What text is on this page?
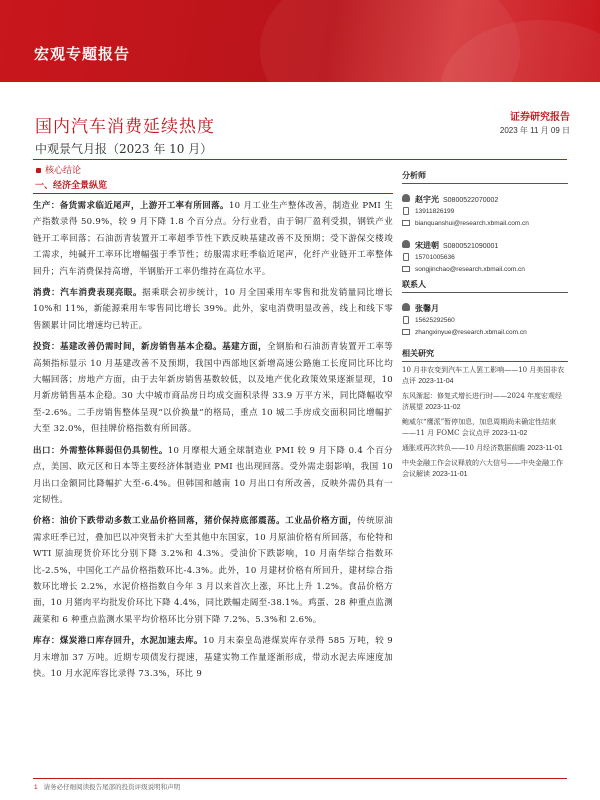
宏观专题报告
国内汽车消费延续热度
中观景气月报（2023 年 10 月）
证券研究报告
2023 年 11 月 09 日
核心结论
一、经济全景纵览

生产：备货需求临近尾声，上游开工率有所回落。10 月工业生产整体改善，制造业 PMI 生产指数录得 50.9%，较 9 月下降 1.8 个百分点。分行业看，由于铜厂盈利受损，钢铁产业链开工率回落；石油沥青装置开工率超季节性下跌反映基建改善不及预期；受下游保交楼竣工需求，纯碱开工率环比增幅强于季节性；纺服需求旺季临近尾声，化纤产业链开工率整体回升；汽车消费保持高增，半钢胎开工率仍维持在高位水平。

消费：汽车消费表现亮眼。据乘联会初步统计，10 月全国乘用车零售和批发销量同比增长 10%和 11%，新能源乘用车零售同比增长 39%。此外，家电消费明显改善，线上和线下零售额累计同比增速均已转正。

投资：基建改善仍需时间，新房销售基本企稳。基建方面，全钢胎和石油沥青装置开工率等高频指标显示 10 月基建改善不及预期，我国中西部地区新增高速公路施工长度同比环比均大幅回落；房地产方面，由于去年新房销售基数较低，以及地产优化政策效果逐渐显现，10 月新房销售基本企稳。30 大中城市商品房日均成交面积录得 33.9 万平方米，同比降幅收窄至-2.6%。二手房销售整体呈现“以价换量”的格局，重点 10 城二手房成交面积同比增幅扩大至 32.0%，但挂牌价格指数有所回落。

出口：外需整体释弱但仍具韧性。10 月摩根大通全球制造业 PMI 较 9 月下降 0.4 个百分点，美国、欧元区和日本等主要经济体制造业 PMI 也出现回落。受外需走弱影响，我国 10 月出口金额同比降幅扩大至-6.4%。但韩国和越南 10 月出口有所改善，反映外需仍具有一定韧性。

价格：油价下跌带动多数工业品价格回落，猪价保持底部震荡。工业品价格方面，传统原油需求旺季已过，叠加巴以冲突暂未扩大至其他中东国家，10 月原油价格有所回落，布伦特和 WTI 原油现货价环比分别下降 3.2%和 4.3%。受油价下跌影响，10 月南华综合指数环比-2.5%，中国化工产品价格指数环比-4.3%。此外，10 月建材价格有所回升，建材综合指数环比增长 2.2%，水泥价格指数自今年 3 月以来首次上涨，环比上升 1.2%。食品价格方面，10 月猪肉平均批发价环比下降 4.4%，同比跌幅走阔至-38.1%。鸡蛋、28 种重点监测蔬菜和 6 种重点监测水果平均价格环比分别下降 7.2%、5.3%和 2.6%。

库存：煤炭港口库存回升，水泥加速去库。10 月末秦皇岛港煤炭库存录得 585 万吨，较 9 月末增加 37 万吨。近期专项债发行提速，基建实物工作量逐渐形成，带动水泥去库速度加快。10 月水泥库容比录得 73.3%，环比 9

分析师
赵宇光 S0800522070002
13911826199
bianquanshui@research.xbmail.com.cn
宋进朝 S0800521090001
15701005636
songjinchao@research.xbmail.com.cn
联系人
张馨月
15625292560
zhangxinyue@research.xbmail.com.cn
相关研究
10 月非农变到汽车工人罢工影响——10 月美国非农点评 2023-11-04
东风渐起：修复式增长进行时——2024 年度宏观经济展望 2023-11-02
鲍威尔“鹰派”暂停加息，加息周期尚未确定性结束——11 月 FOMC 会议点评 2023-11-02
通胀或再次转负——10 月经济数据前瞻 2023-11-01
中央金融工作会议释放的六大信号——中央金融工作会议解读 2023-11-01
1 请务必仔细阅读报告尾部的投资评级说明和声明
